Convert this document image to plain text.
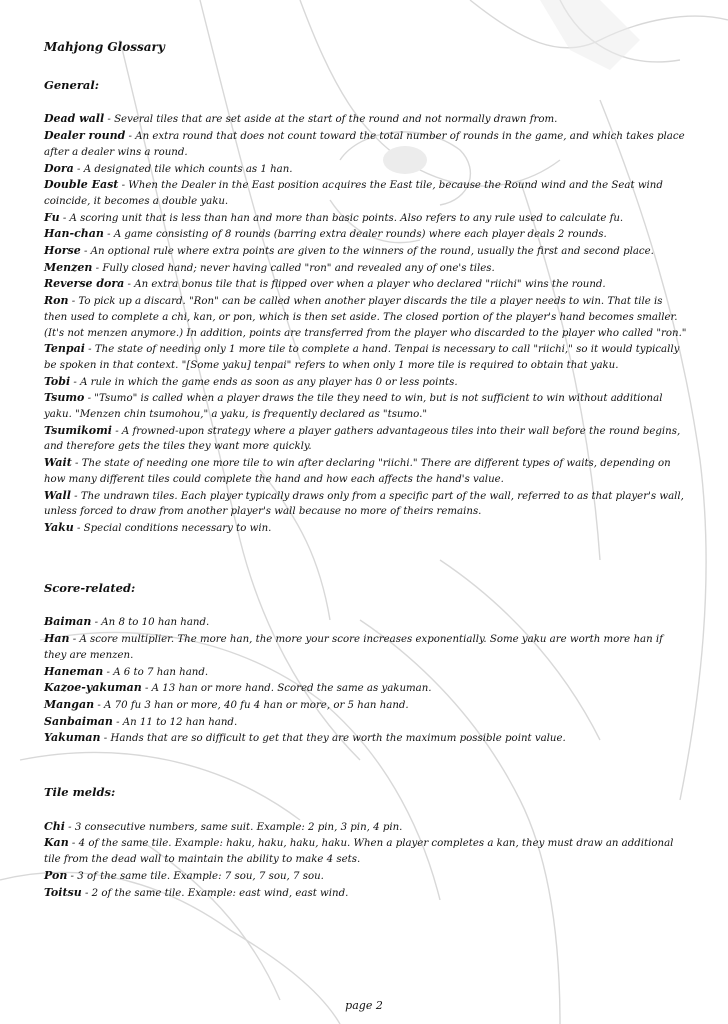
Mahjong Glossary
General:

Dead wall - Several tiles that are set aside at the start of the round and not normally drawn from.

Dealer round - An extra round that does not count toward the total number of rounds in the game, and which takes place after a dealer wins a round.

Dora - A designated tile which counts as 1 han.

Double East - When the Dealer in the East position acquires the East tile, because the Round wind and the Seat wind coincide, it becomes a double yaku.

Fu - A scoring unit that is less than han and more than basic points. Also refers to any rule used to calculate fu.

Han-chan - A game consisting of 8 rounds (barring extra dealer rounds) where each player deals 2 rounds.

Horse - An optional rule where extra points are given to the winners of the round, usually the first and second place.

Menzen - Fully closed hand; never having called "ron" and revealed any of one's tiles.

Reverse dora - An extra bonus tile that is flipped over when a player who declared "riichi" wins the round.

Ron - To pick up a discard. "Ron" can be called when another player discards the tile a player needs to win. That tile is then used to complete a chi, kan, or pon, which is then set aside. The closed portion of the player's hand becomes smaller. (It's not menzen anymore.) In addition, points are transferred from the player who discarded to the player who called "ron."

Tenpai - The state of needing only 1 more tile to complete a hand. Tenpai is necessary to call "riichi," so it would typically be spoken in that context. "[Some yaku] tenpai" refers to when only 1 more tile is required to obtain that yaku.

Tobi - A rule in which the game ends as soon as any player has 0 or less points.

Tsumo - "Tsumo" is called when a player draws the tile they need to win, but is not sufficient to win without additional yaku. "Menzen chin tsumohou," a yaku, is frequently declared as "tsumo."

Tsumikomi - A frowned-upon strategy where a player gathers advantageous tiles into their wall before the round begins, and therefore gets the tiles they want more quickly.

Wait - The state of needing one more tile to win after declaring "riichi." There are different types of waits, depending on how many different tiles could complete the hand and how each affects the hand's value.

Wall - The undrawn tiles. Each player typically draws only from a specific part of the wall, referred to as that player's wall, unless forced to draw from another player's wall because no more of theirs remains.

Yaku - Special conditions necessary to win.

Score-related:

Baiman - An 8 to 10 han hand.

Han - A score multiplier. The more han, the more your score increases exponentially. Some yaku are worth more han if they are menzen.

Haneman - A 6 to 7 han hand.

Kazoe-yakuman - A 13 han or more hand. Scored the same as yakuman.

Mangan - A 70 fu 3 han or more, 40 fu 4 han or more, or 5 han hand.

Sanbaiman - An 11 to 12 han hand.

Yakuman - Hands that are so difficult to get that they are worth the maximum possible point value.

Tile melds:

Chi - 3 consecutive numbers, same suit. Example: 2 pin, 3 pin, 4 pin.

Kan - 4 of the same tile. Example: haku, haku, haku, haku. When a player completes a kan, they must draw an additional tile from the dead wall to maintain the ability to make 4 sets.

Pon - 3 of the same tile. Example: 7 sou, 7 sou, 7 sou.

Toitsu - 2 of the same tile. Example: east wind, east wind.

page 2
